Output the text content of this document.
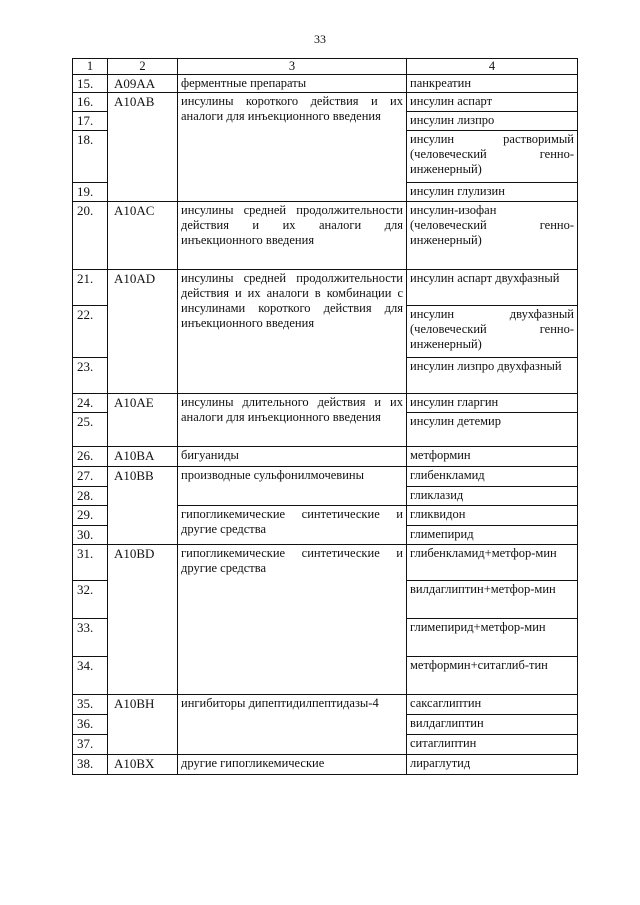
33
1	2	3	4
15.	A09AA	ферментные препараты	панкреатин
16.	A10AB	инсулины короткого действия и их аналоги для инъекционного введения	инсулин аспарт
17.			инсулин лизпро
18.			инсулин растворимый (человеческий генно-инженерный)
19.			инсулин глулизин
20.	A10AC	инсулины средней продолжительности действия и их аналоги для инъекционного введения	инсулин-изофан (человеческий генно-инженерный)
21.	A10AD	инсулины средней продолжительности действия и их аналоги в комбинации с инсулинами короткого действия для инъекционного введения	инсулин аспарт двухфазный
22.			инсулин двухфазный (человеческий генно-инженерный)
23.			инсулин лизпро двухфазный
24.	A10AE	инсулины длительного действия и их аналоги для инъекционного введения	инсулин гларгин
25.			инсулин детемир
26.	A10BA	бигуаниды	метформин
27.	A10BB	производные сульфонилмочевины	глибенкламид
28.			гликлазид
29.		гипогликемические синтетические и другие средства	гликвидон
30.			глимепирид
31.	A10BD	гипогликемические синтетические и другие средства	глибенкламид+метфор-мин
32.			вилдаглиптин+метфор-мин
33.			глимепирид+метфор-мин
34.			метформин+ситаглиб-тин
35.	A10BH	ингибиторы дипептидилпептидазы-4	саксаглиптин
36.			вилдаглиптин
37.			ситаглиптин
38.	A10BX	другие гипогликемические	лираглутид
